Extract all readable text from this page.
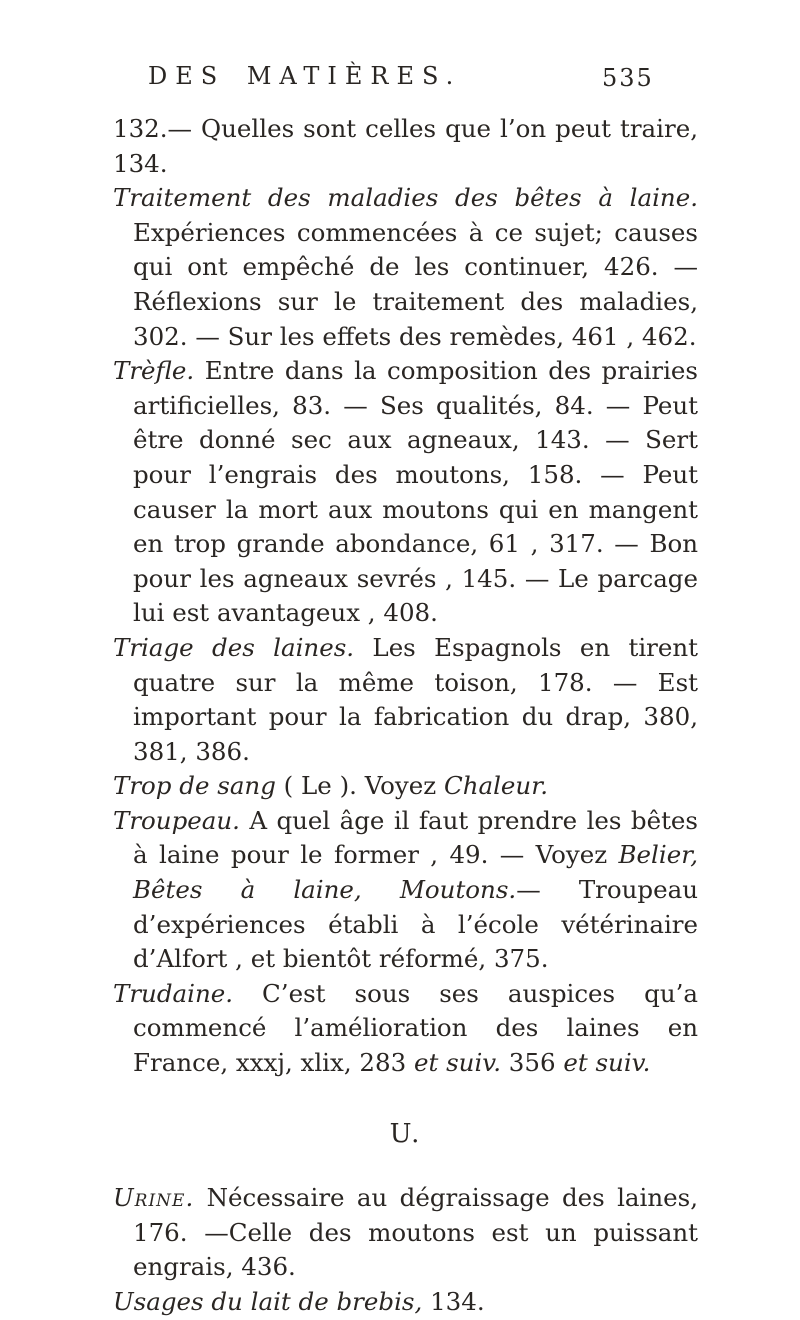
DES MATIÈRES.	535

132.— Quelles sont celles que l’on peut traire, 134.

Traitement des maladies des bêtes à laine. Expériences commencées à ce sujet; causes qui ont empêché de les continuer, 426. — Réflexions sur le traitement des maladies, 302. — Sur les effets des remèdes, 461 , 462.

Trèfle. Entre dans la composition des prairies artificielles, 83. — Ses qualités, 84. — Peut être donné sec aux agneaux, 143. — Sert pour l’engrais des moutons, 158. — Peut causer la mort aux moutons qui en mangent en trop grande abondance, 61 , 317. — Bon pour les agneaux sevrés , 145. — Le parcage lui est avantageux , 408.

Triage des laines. Les Espagnols en tirent quatre sur la même toison, 178. — Est important pour la fabrication du drap, 380, 381, 386.

Trop de sang ( Le ). Voyez Chaleur.

Troupeau. A quel âge il faut prendre les bêtes à laine pour le former , 49. — Voyez Belier, Bêtes à laine, Moutons.— Troupeau d’expériences établi à l’école vétérinaire d’Alfort , et bientôt réformé, 375.

Trudaine. C’est sous ses auspices qu’a commencé l’amélioration des laines en France, xxxj, xlix, 283 et suiv. 356 et suiv.

U.

Urine. Nécessaire au dégraissage des laines, 176. —Celle des moutons est un puissant engrais, 436.

Usages du lait de brebis, 134.
